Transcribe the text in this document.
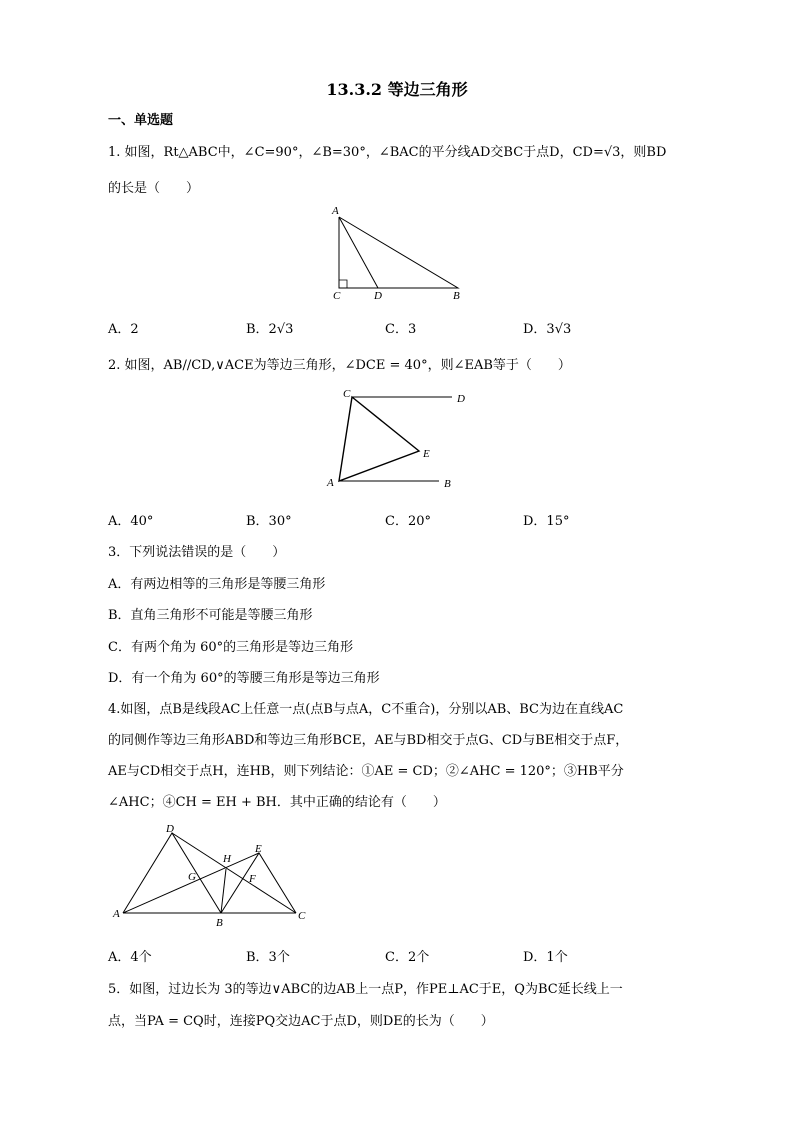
13.3.2 等边三角形
一、单选题
1. 如图，Rt△ABC中，∠C=90°，∠B=30°，∠BAC的平分线AD交BC于点D，CD=√3，则BD
的长是（　　）
A
C	D	B
A．2	B．2√3	C．3	D．3√3
2. 如图，AB//CD,∨ACE为等边三角形，∠DCE = 40°，则∠EAB等于（　　）
C	D
E
A	B
A．40°	B．30°	C．20°	D．15°
3．下列说法错误的是（　　）
A．有两边相等的三角形是等腰三角形
B．直角三角形不可能是等腰三角形
C．有两个角为 60°的三角形是等边三角形
D．有一个角为 60°的等腰三角形是等边三角形
4.如图，点B是线段AC上任意一点(点B与点A，C不重合)，分别以AB、BC为边在直线AC
的同侧作等边三角形ABD和等边三角形BCE，AE与BD相交于点G、CD与BE相交于点F，
AE与CD相交于点H，连HB，则下列结论：①AE = CD；②∠AHC = 120°；③HB平分
∠AHC；④CH = EH + BH．其中正确的结论有（　　）
D
E
H
G	F
A
B
C
A．4个	B．3个	C．2个	D．1个
5．如图，过边长为 3的等边∨ABC的边AB上一点P，作PE⊥AC于E，Q为BC延长线上一
点，当PA = CQ时，连接PQ交边AC于点D，则DE的长为（　　）
